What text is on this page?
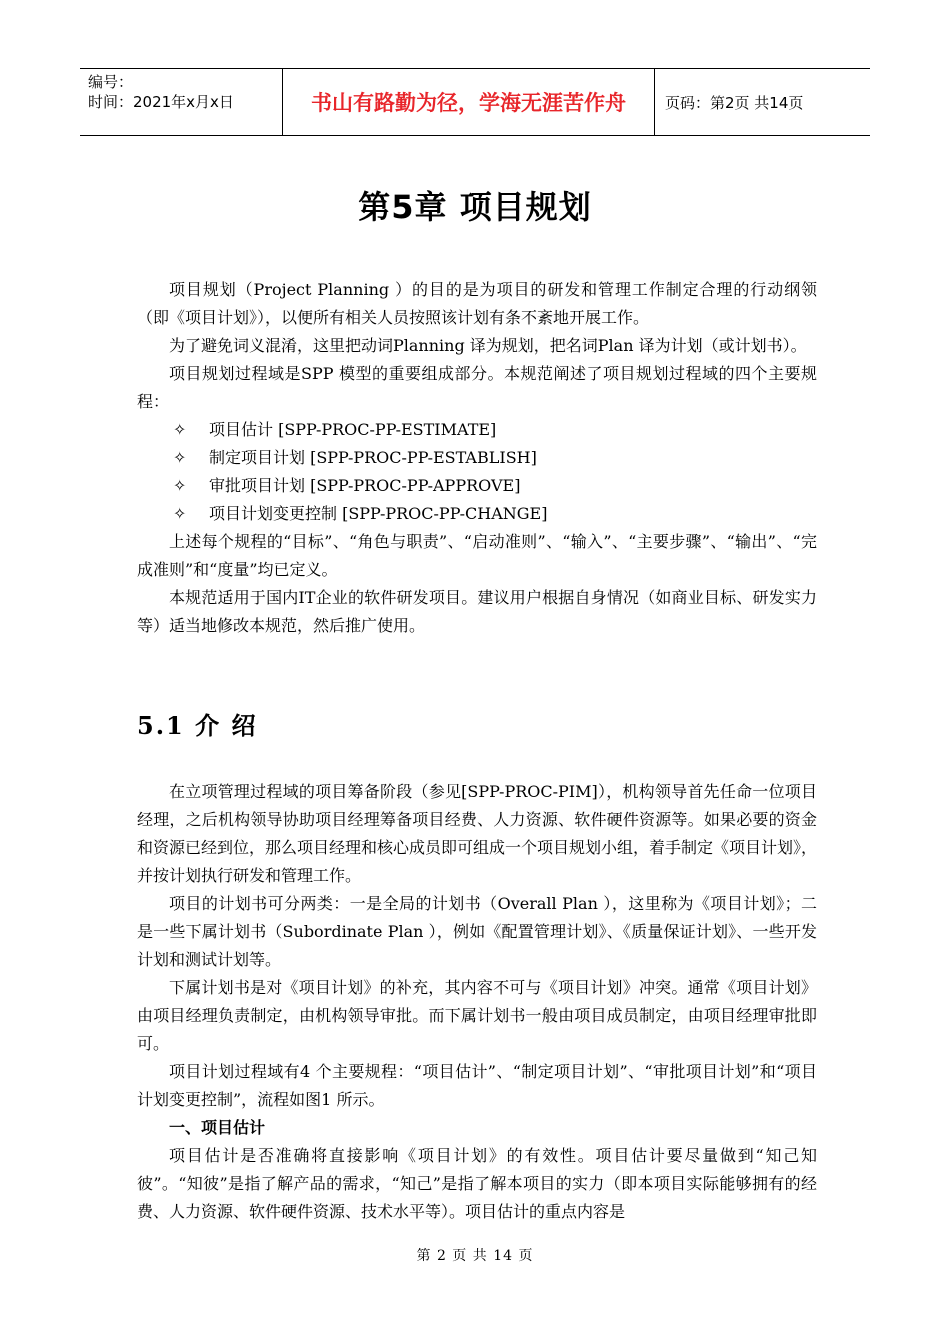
编号：
时间：2021年x月x日	书山有路勤为径，学海无涯苦作舟	页码：第2页 共14页
第5章 项目规划

项目规划（Project Planning ）的目的是为项目的研发和管理工作制定合理的行动纲领（即《项目计划》），以便所有相关人员按照该计划有条不紊地开展工作。

为了避免词义混淆，这里把动词Planning 译为规划，把名词Plan 译为计划（或计划书）。

项目规划过程域是SPP 模型的重要组成部分。本规范阐述了项目规划过程域的四个主要规程：

✧ 项目估计 [SPP-PROC-PP-ESTIMATE]

✧ 制定项目计划 [SPP-PROC-PP-ESTABLISH]

✧ 审批项目计划 [SPP-PROC-PP-APPROVE]

✧ 项目计划变更控制 [SPP-PROC-PP-CHANGE]

上述每个规程的“目标”、“角色与职责”、“启动准则”、“输入”、“主要步骤”、“输出”、“完成准则”和“度量”均已定义。

本规范适用于国内IT企业的软件研发项目。建议用户根据自身情况（如商业目标、研发实力等）适当地修改本规范，然后推广使用。

5.1 介 绍

在立项管理过程域的项目筹备阶段（参见[SPP-PROC-PIM]），机构领导首先任命一位项目经理，之后机构领导协助项目经理筹备项目经费、人力资源、软件硬件资源等。如果必要的资金和资源已经到位，那么项目经理和核心成员即可组成一个项目规划小组，着手制定《项目计划》，并按计划执行研发和管理工作。

项目的计划书可分两类：一是全局的计划书（Overall Plan ），这里称为《项目计划》；二是一些下属计划书（Subordinate Plan ），例如《配置管理计划》、《质量保证计划》、一些开发计划和测试计划等。

下属计划书是对《项目计划》的补充，其内容不可与《项目计划》冲突。通常《项目计划》由项目经理负责制定，由机构领导审批。而下属计划书一般由项目成员制定，由项目经理审批即可。

项目计划过程域有4 个主要规程：“项目估计”、“制定项目计划”、“审批项目计划”和“项目计划变更控制”，流程如图1 所示。

一、项目估计

项目估计是否准确将直接影响《项目计划》的有效性。项目估计要尽量做到“知己知彼”。“知彼”是指了解产品的需求，“知己”是指了解本项目的实力（即本项目实际能够拥有的经费、人力资源、软件硬件资源、技术水平等）。项目估计的重点内容是

第 2 页 共 14 页
